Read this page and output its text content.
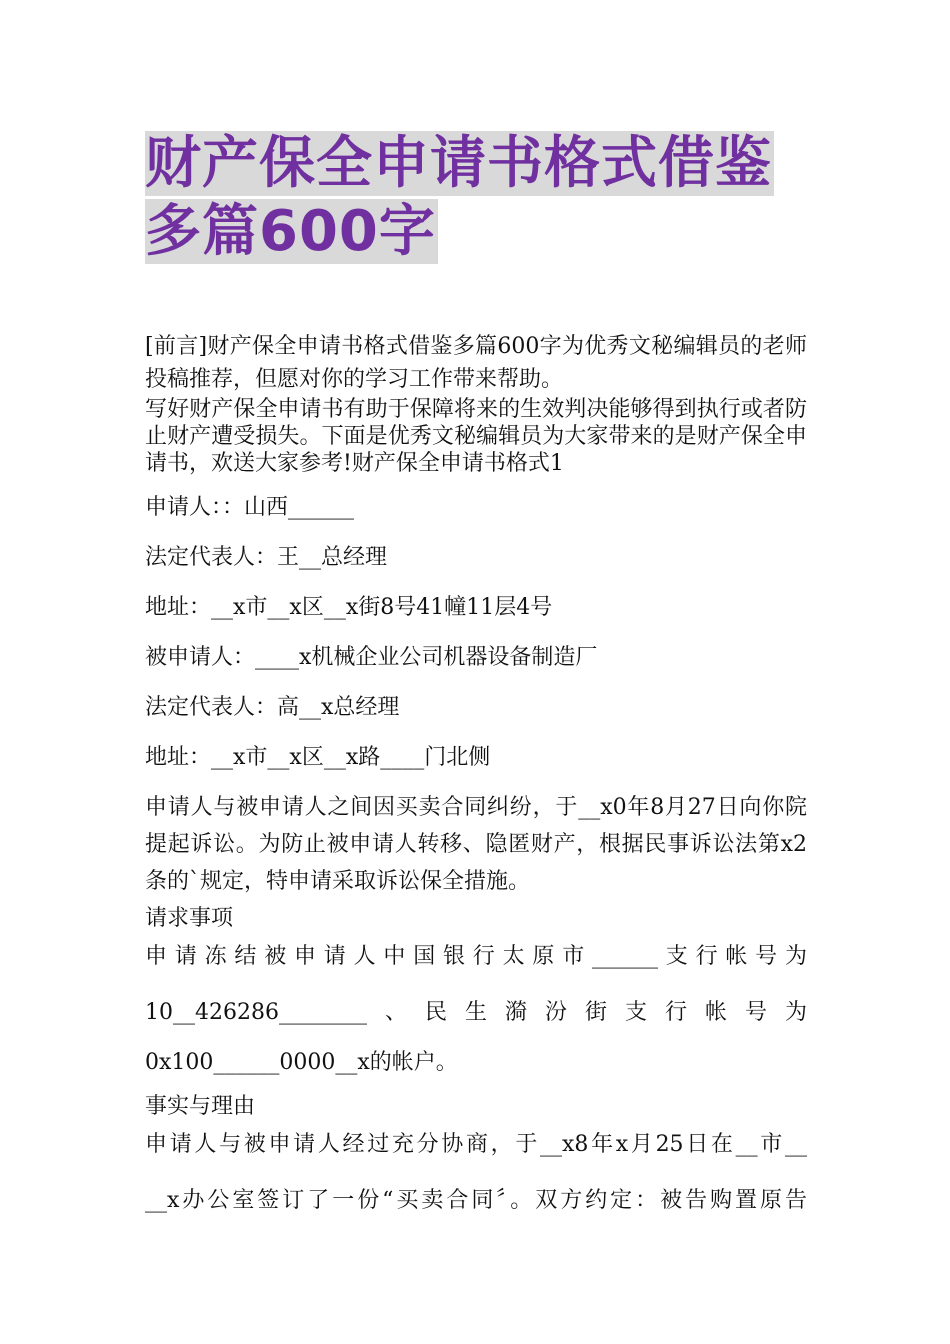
财产保全申请书格式借鉴多篇600字

[前言]财产保全申请书格式借鉴多篇600字为优秀文秘编辑员的老师投稿推荐，但愿对你的学习工作带来帮助。

写好财产保全申请书有助于保障将来的生效判决能够得到执行或者防止财产遭受损失。下面是优秀文秘编辑员为大家带来的是财产保全申请书，欢送大家参考!财产保全申请书格式1

申请人：：山西______

法定代表人：王__总经理

地址：__x市__x区__x街8号41幢11层4号

被申请人：____x机械企业公司机器设备制造厂

法定代表人：高__x总经理

地址：__x市__x区__x路____门北侧

申请人与被申请人之间因买卖合同纠纷，于__x0年8月27日向你院提起诉讼。为防止被申请人转移、隐匿财产，根据民事诉讼法第x2条的`规定，特申请采取诉讼保全措施。

请求事项

申请冻结被申请人中国银行太原市______支行帐号为

10__426286________、民生漪汾街支行帐号为

0x100______0000__x的帐户。

事实与理由

申请人与被申请人经过充分协商，于__x8年x月25日在__市__

__x办公室签订了一份“买卖合同〞。双方约定：被告购置原告
